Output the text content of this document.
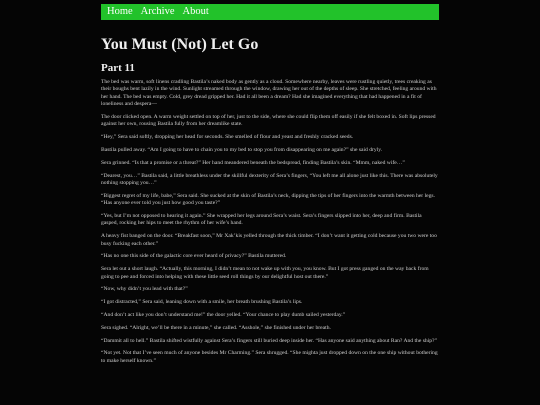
Home Archive About
You Must (Not) Let Go
Part 11

The bed was warm, soft linens cradling Bastila’s naked body as gently as a cloud. Somewhere nearby, leaves were rustling quietly, trees creaking as their boughs bent lazily in the wind. Sunlight streamed through the window, drawing her out of the depths of sleep. She stretched, feeling around with her hand. The bed was empty. Cold, grey dread gripped her. Had it all been a dream? Had she imagined everything that had happened in a fit of loneliness and despera—

The door clicked open. A warm weight settled on top of her, just to the side, where she could flip them off easily if she felt boxed in. Soft lips pressed against her own, rousing Bastila fully from her dreamlike state.

“Hey,” Sera said softly, dropping her head for seconds. She smelled of flour and yeast and freshly cracked seeds.

Bastila pulled away. “Am I going to have to chain you to my bed to stop you from disappearing on me again?” she said dryly.

Sera grinned. “Is that a promise or a threat?” Her hand meandered beneath the bedspread, finding Bastila’s skin. “Mmm, naked wife…”

“Dearest, you…” Bastila said, a little breathless under the skillful dexterity of Sera’s fingers, “You left me all alone just like this. There was absolutely nothing stopping you…”

“Biggest regret of my life, babe,” Sera said. She sucked at the skin of Bastila’s neck, dipping the tips of her fingers into the warmth between her legs. “Has anyone ever told you just how good you taste?”

“Yes, but I’m not opposed to hearing it again.” She wrapped her legs around Sera’s waist. Sera’s fingers slipped into her, deep and firm. Bastila gasped, rocking her hips to meet the rhythm of her wife’s hand.

A heavy fist banged on the door. “Breakfast soon,” Mr Xak’kis yelled through the thick timber. “I don’t want it getting cold because you two were too busy fucking each other.”

“Has no one this side of the galactic core ever heard of privacy?” Bastila muttered.

Sera let out a short laugh. “Actually, this morning, I didn’t mean to not wake up with you, you know. But I got press ganged on the way back from going to pee and forced into helping with these little seed roll things by our delightful host out there.”

“Now, why didn’t you lead with that?”

“I got distracted,” Sera said, leaning down with a smile, her breath brushing Bastila’s lips.

“And don’t act like you don’t understand me!” the door yelled. “Your chance to play dumb sailed yesterday.”

Sera sighed. “Alright, we’ll be there in a minute,” she called. “Asshole,” she finished under her breath.

“Dammit all to hell.” Bastila shifted wistfully against Sera’s fingers still buried deep inside her. “Has anyone said anything about Ran? And the ship?”

“Not yet. Not that I’ve seen much of anyone besides Mr Charming.” Sera shrugged. “She mighta just dropped down on the one ship without bothering to make herself known.”
